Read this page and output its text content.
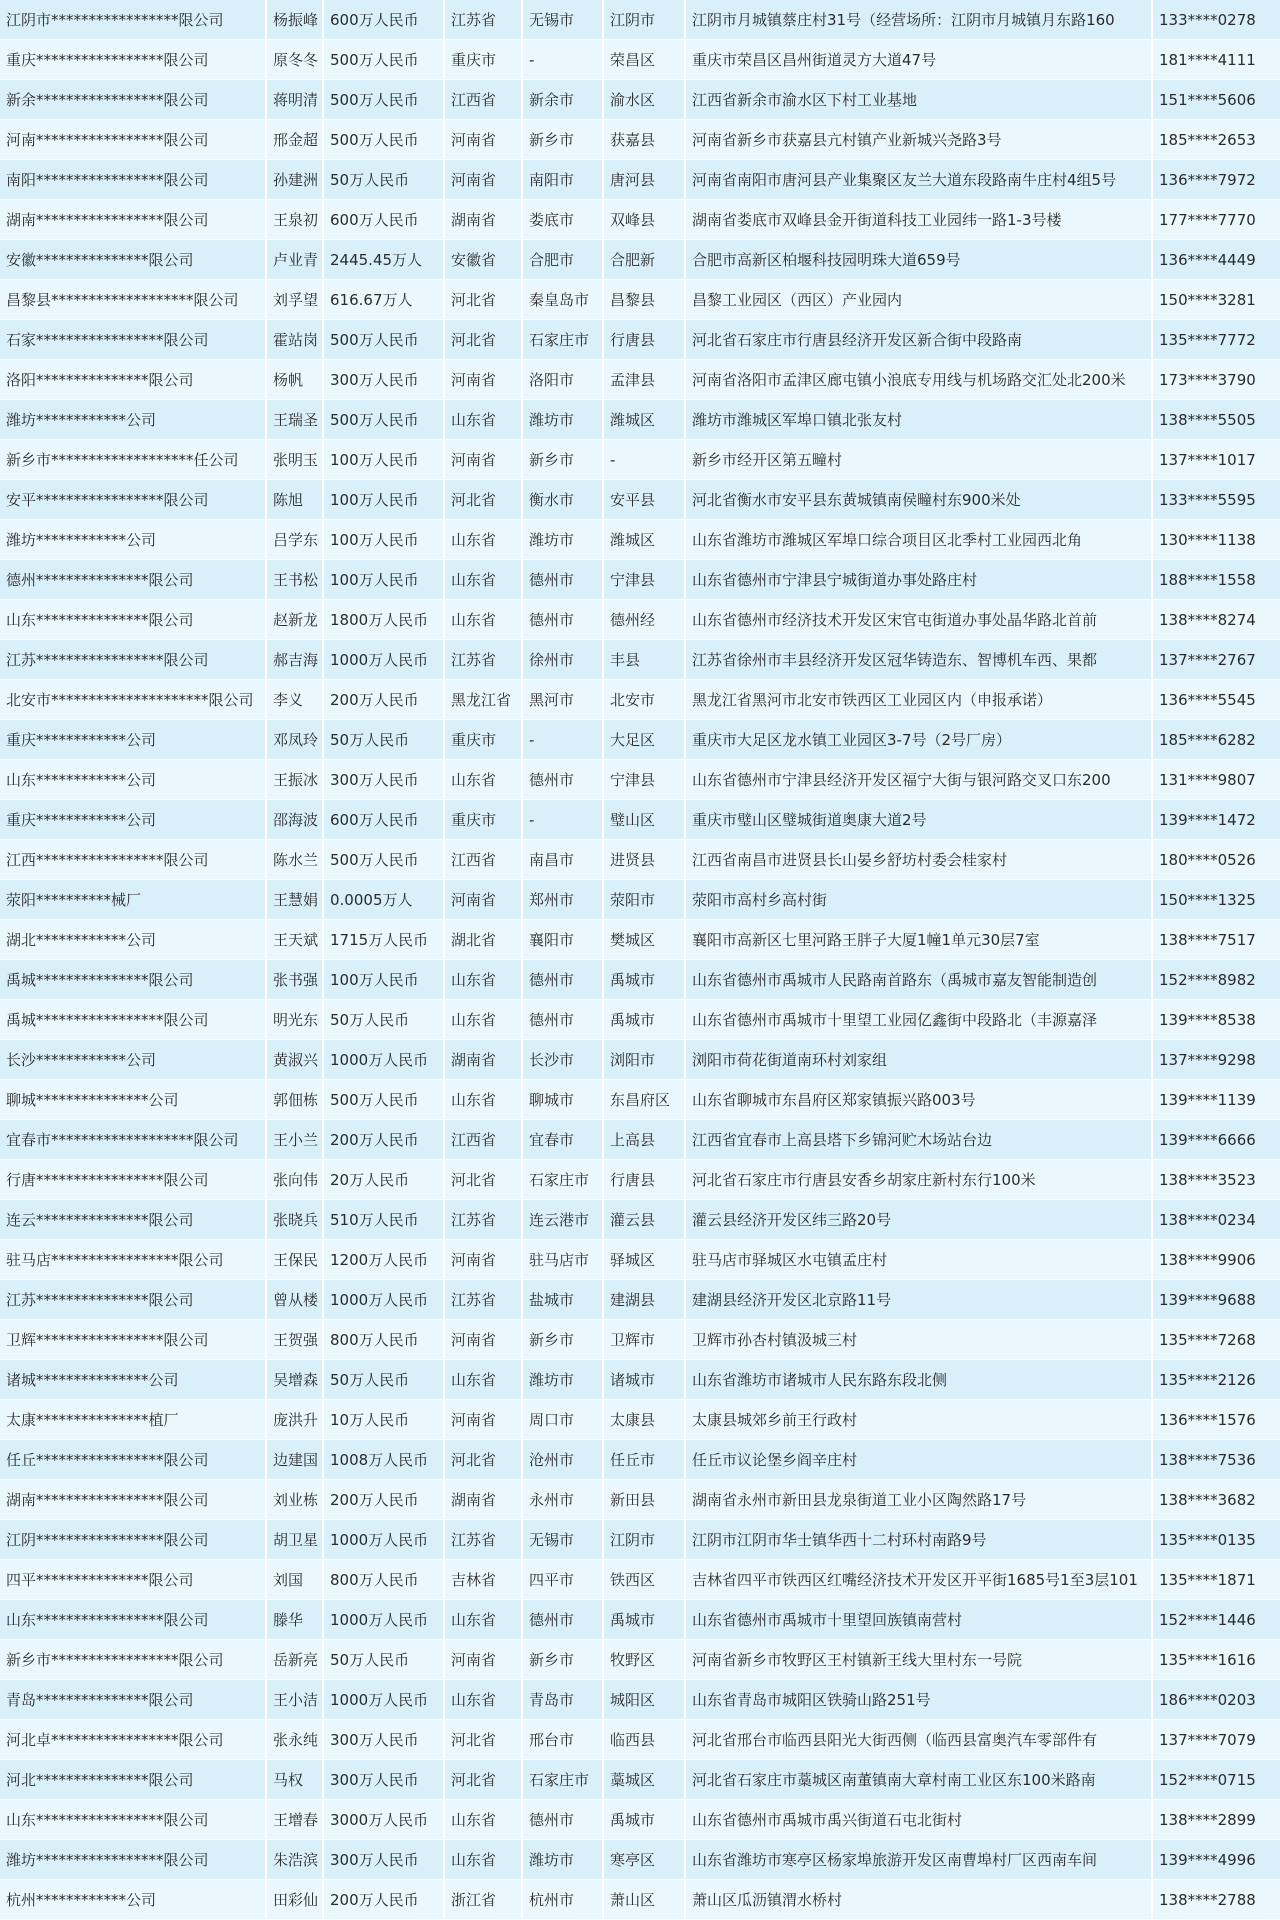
江阴市*****************限公司	杨振峰 600万人民币	江苏省	无锡市	江阴市	江阴市月城镇蔡庄村31号（经营场所：江阴市月城镇月东路160	133****0278
重庆*****************限公司	原冬冬 500万人民币	重庆市	-	荣昌区	重庆市荣昌区昌州街道灵方大道47号	181****4111
新余*****************限公司	蒋明清 500万人民币	江西省	新余市	渝水区	江西省新余市渝水区下村工业基地	151****5606
河南*****************限公司	邢金超 500万人民币	河南省	新乡市	获嘉县	河南省新乡市获嘉县亢村镇产业新城兴尧路3号	185****2653
南阳*****************限公司	孙建洲 50万人民币	河南省	南阳市	唐河县	河南省南阳市唐河县产业集聚区友兰大道东段路南牛庄村4组5号	136****7972
湖南*****************限公司	王泉初 600万人民币	湖南省	娄底市	双峰县	湖南省娄底市双峰县金开街道科技工业园纬一路1-3号楼	177****7770
安徽***************限公司	卢业青 2445.45万人	安徽省	合肥市	合肥新	合肥市高新区柏堰科技园明珠大道659号	136****4449
昌黎县*******************限公司	刘孚望 616.67万人	河北省	秦皇岛市	昌黎县	昌黎工业园区（西区）产业园内	150****3281
石家*****************限公司	霍站岗 500万人民币	河北省	石家庄市	行唐县	河北省石家庄市行唐县经济开发区新合街中段路南	135****7772
洛阳***************限公司	杨帆	300万人民币	河南省	洛阳市	孟津县	河南省洛阳市孟津区廊屯镇小浪底专用线与机场路交汇处北200米	173****3790
潍坊************公司	王瑞圣 500万人民币	山东省	潍坊市	潍城区	潍坊市潍城区军埠口镇北张友村	138****5505
新乡市*******************任公司	张明玉 100万人民币	河南省	新乡市	-	新乡市经开区第五疃村	137****1017
安平*****************限公司	陈旭	100万人民币	河北省	衡水市	安平县	河北省衡水市安平县东黄城镇南侯疃村东900米处	133****5595
潍坊************公司	吕学东 100万人民币	山东省	潍坊市	潍城区	山东省潍坊市潍城区军埠口综合项目区北季村工业园西北角	130****1138
德州***************限公司	王书松 100万人民币	山东省	德州市	宁津县	山东省德州市宁津县宁城街道办事处路庄村	188****1558
山东***************限公司	赵新龙 1800万人民币	山东省	德州市	德州经	山东省德州市经济技术开发区宋官屯街道办事处晶华路北首前	138****8274
江苏*****************限公司	郝吉海 1000万人民币	江苏省	徐州市	丰县	江苏省徐州市丰县经济开发区冠华铸造东、智博机车西、果都	137****2767
北安市*********************限公司	李义	200万人民币	黑龙江省	黑河市	北安市	黑龙江省黑河市北安市铁西区工业园区内（申报承诺）	136****5545
重庆************公司	邓凤玲 50万人民币	重庆市	-	大足区	重庆市大足区龙水镇工业园区3-7号（2号厂房）	185****6282
山东************公司	王振冰 300万人民币	山东省	德州市	宁津县	山东省德州市宁津县经济开发区福宁大街与银河路交叉口东200	131****9807
重庆************公司	邵海波 600万人民币	重庆市	-	璧山区	重庆市璧山区璧城街道奥康大道2号	139****1472
江西*****************限公司	陈水兰 500万人民币	江西省	南昌市	进贤县	江西省南昌市进贤县长山晏乡舒坊村委会桂家村	180****0526
荥阳**********械厂	王慧娟 0.0005万人	河南省	郑州市	荥阳市	荥阳市高村乡高村街	150****1325
湖北************公司	王天斌 1715万人民币	湖北省	襄阳市	樊城区	襄阳市高新区七里河路王胖子大厦1幢1单元30层7室	138****7517
禹城***************限公司	张书强 100万人民币	山东省	德州市	禹城市	山东省德州市禹城市人民路南首路东（禹城市嘉友智能制造创	152****8982
禹城*****************限公司	明光东 50万人民币	山东省	德州市	禹城市	山东省德州市禹城市十里望工业园亿鑫街中段路北（丰源嘉泽	139****8538
长沙************公司	黄淑兴 1000万人民币	湖南省	长沙市	浏阳市	浏阳市荷花街道南环村刘家组	137****9298
聊城***************公司	郭佃栋 500万人民币	山东省	聊城市	东昌府区	山东省聊城市东昌府区郑家镇振兴路003号	139****1139
宜春市*******************限公司	王小兰 200万人民币	江西省	宜春市	上高县	江西省宜春市上高县塔下乡锦河贮木场站台边	139****6666
行唐*****************限公司	张向伟 20万人民币	河北省	石家庄市	行唐县	河北省石家庄市行唐县安香乡胡家庄新村东行100米	138****3523
连云***************限公司	张晓兵 510万人民币	江苏省	连云港市	灌云县	灌云县经济开发区纬三路20号	138****0234
驻马店*****************限公司	王保民 1200万人民币	河南省	驻马店市	驿城区	驻马店市驿城区水屯镇孟庄村	138****9906
江苏***************限公司	曾从楼 1000万人民币	江苏省	盐城市	建湖县	建湖县经济开发区北京路11号	139****9688
卫辉*****************限公司	王贺强 800万人民币	河南省	新乡市	卫辉市	卫辉市孙杏村镇汲城三村	135****7268
诸城***************公司	吴增森 50万人民币	山东省	潍坊市	诸城市	山东省潍坊市诸城市人民东路东段北侧	135****2126
太康***************植厂	庞洪升 10万人民币	河南省	周口市	太康县	太康县城郊乡前王行政村	136****1576
任丘*****************限公司	边建国 1008万人民币	河北省	沧州市	任丘市	任丘市议论堡乡阎辛庄村	138****7536
湖南*****************限公司	刘业栋 200万人民币	湖南省	永州市	新田县	湖南省永州市新田县龙泉街道工业小区陶然路17号	138****3682
江阴*****************限公司	胡卫星 1000万人民币	江苏省	无锡市	江阴市	江阴市江阴市华士镇华西十二村环村南路9号	135****0135
四平***************限公司	刘国	800万人民币	吉林省	四平市	铁西区	吉林省四平市铁西区红嘴经济技术开发区开平街1685号1至3层101	135****1871
山东*****************限公司	滕华	1000万人民币	山东省	德州市	禹城市	山东省德州市禹城市十里望回族镇南营村	152****1446
新乡市*****************限公司	岳新亮 50万人民币	河南省	新乡市	牧野区	河南省新乡市牧野区王村镇新王线大里村东一号院	135****1616
青岛***************限公司	王小洁 1000万人民币	山东省	青岛市	城阳区	山东省青岛市城阳区铁骑山路251号	186****0203
河北卓*****************限公司	张永纯 300万人民币	河北省	邢台市	临西县	河北省邢台市临西县阳光大街西侧（临西县富奥汽车零部件有	137****7079
河北***************限公司	马权	300万人民币	河北省	石家庄市	藁城区	河北省石家庄市藁城区南董镇南大章村南工业区东100米路南	152****0715
山东*****************限公司	王增春 3000万人民币	山东省	德州市	禹城市	山东省德州市禹城市禹兴街道石屯北街村	138****2899
潍坊*****************限公司	朱浩滨 300万人民币	山东省	潍坊市	寒亭区	山东省潍坊市寒亭区杨家埠旅游开发区南曹埠村厂区西南车间	139****4996
杭州************公司	田彩仙 200万人民币	浙江省	杭州市	萧山区	萧山区瓜沥镇渭水桥村	138****2788
